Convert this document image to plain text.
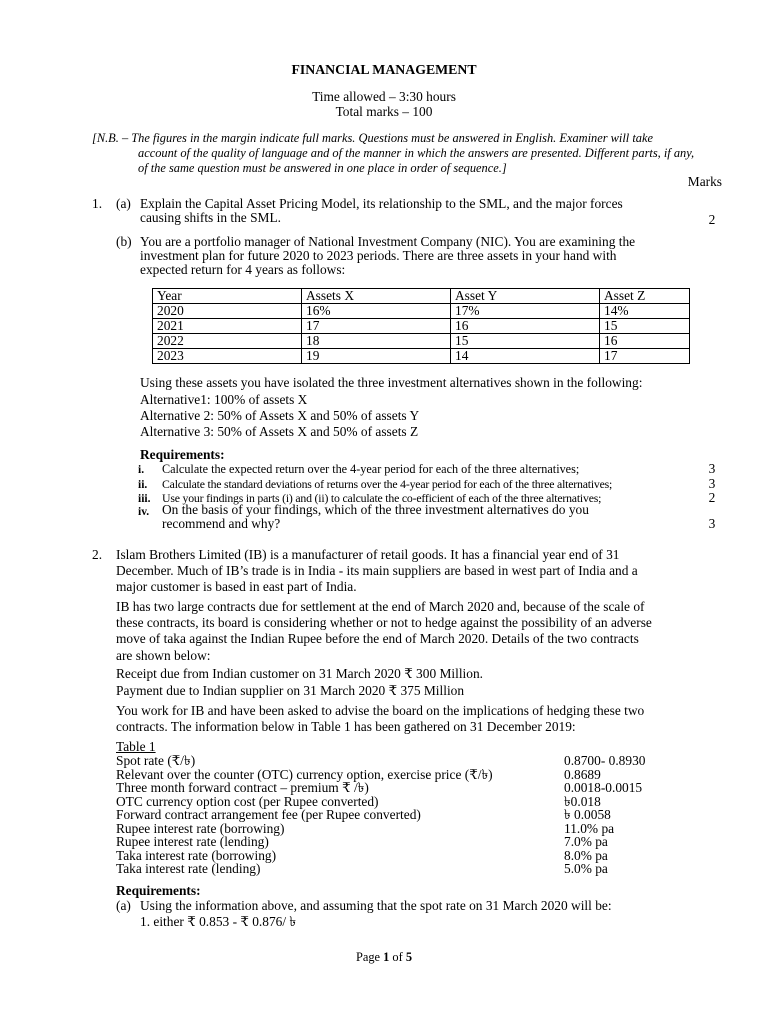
FINANCIAL MANAGEMENT
Time allowed – 3:30 hours
Total marks – 100
[N.B. – The figures in the margin indicate full marks. Questions must be answered in English. Examiner will take
account of the quality of language and of the manner in which the answers are presented. Different parts, if any,
of the same question must be answered in one place in order of sequence.]
Marks
1. (a) Explain the Capital Asset Pricing Model, its relationship to the SML, and the major forces
causing shifts in the SML.	2
(b) You are a portfolio manager of National Investment Company (NIC). You are examining the
investment plan for future 2020 to 2023 periods. There are three assets in your hand with
expected return for 4 years as follows:
Year	Assets X	Asset Y	Asset Z
2020	16%	17%	14%
2021	17	16	15
2022	18	15	16
2023	19	14	17
Using these assets you have isolated the three investment alternatives shown in the following:
Alternative1: 100% of assets X
Alternative 2: 50% of Assets X and 50% of assets Y
Alternative 3: 50% of Assets X and 50% of assets Z
Requirements:
i. Calculate the expected return over the 4-year period for each of the three alternatives;	3
ii. Calculate the standard deviations of returns over the 4-year period for each of the three alternatives;	3
iii. Use your findings in parts (i) and (ii) to calculate the co-efficient of each of the three alternatives;	2
iv. On the basis of your findings, which of the three investment alternatives do you
recommend and why?	3
2. Islam Brothers Limited (IB) is a manufacturer of retail goods. It has a financial year end of 31
December. Much of IB’s trade is in India - its main suppliers are based in west part of India and a
major customer is based in east part of India.
IB has two large contracts due for settlement at the end of March 2020 and, because of the scale of
these contracts, its board is considering whether or not to hedge against the possibility of an adverse
move of taka against the Indian Rupee before the end of March 2020. Details of the two contracts
are shown below:
Receipt due from Indian customer on 31 March 2020 ₹ 300 Million.
Payment due to Indian supplier on 31 March 2020 ₹ 375 Million
You work for IB and have been asked to advise the board on the implications of hedging these two
contracts. The information below in Table 1 has been gathered on 31 December 2019:
Table 1
Spot rate (₹/৳)	0.8700- 0.8930
Relevant over the counter (OTC) currency option, exercise price (₹/৳)	0.8689
Three month forward contract – premium ₹ /৳)	0.0018-0.0015
OTC currency option cost (per Rupee converted)	৳0.018
Forward contract arrangement fee (per Rupee converted)	৳ 0.0058
Rupee interest rate (borrowing)	11.0% pa
Rupee interest rate (lending)	7.0% pa
Taka interest rate (borrowing)	8.0% pa
Taka interest rate (lending)	5.0% pa
Requirements:
(a) Using the information above, and assuming that the spot rate on 31 March 2020 will be:
1. either ₹ 0.853 - ₹ 0.876/ ৳
Page 1 of 5
